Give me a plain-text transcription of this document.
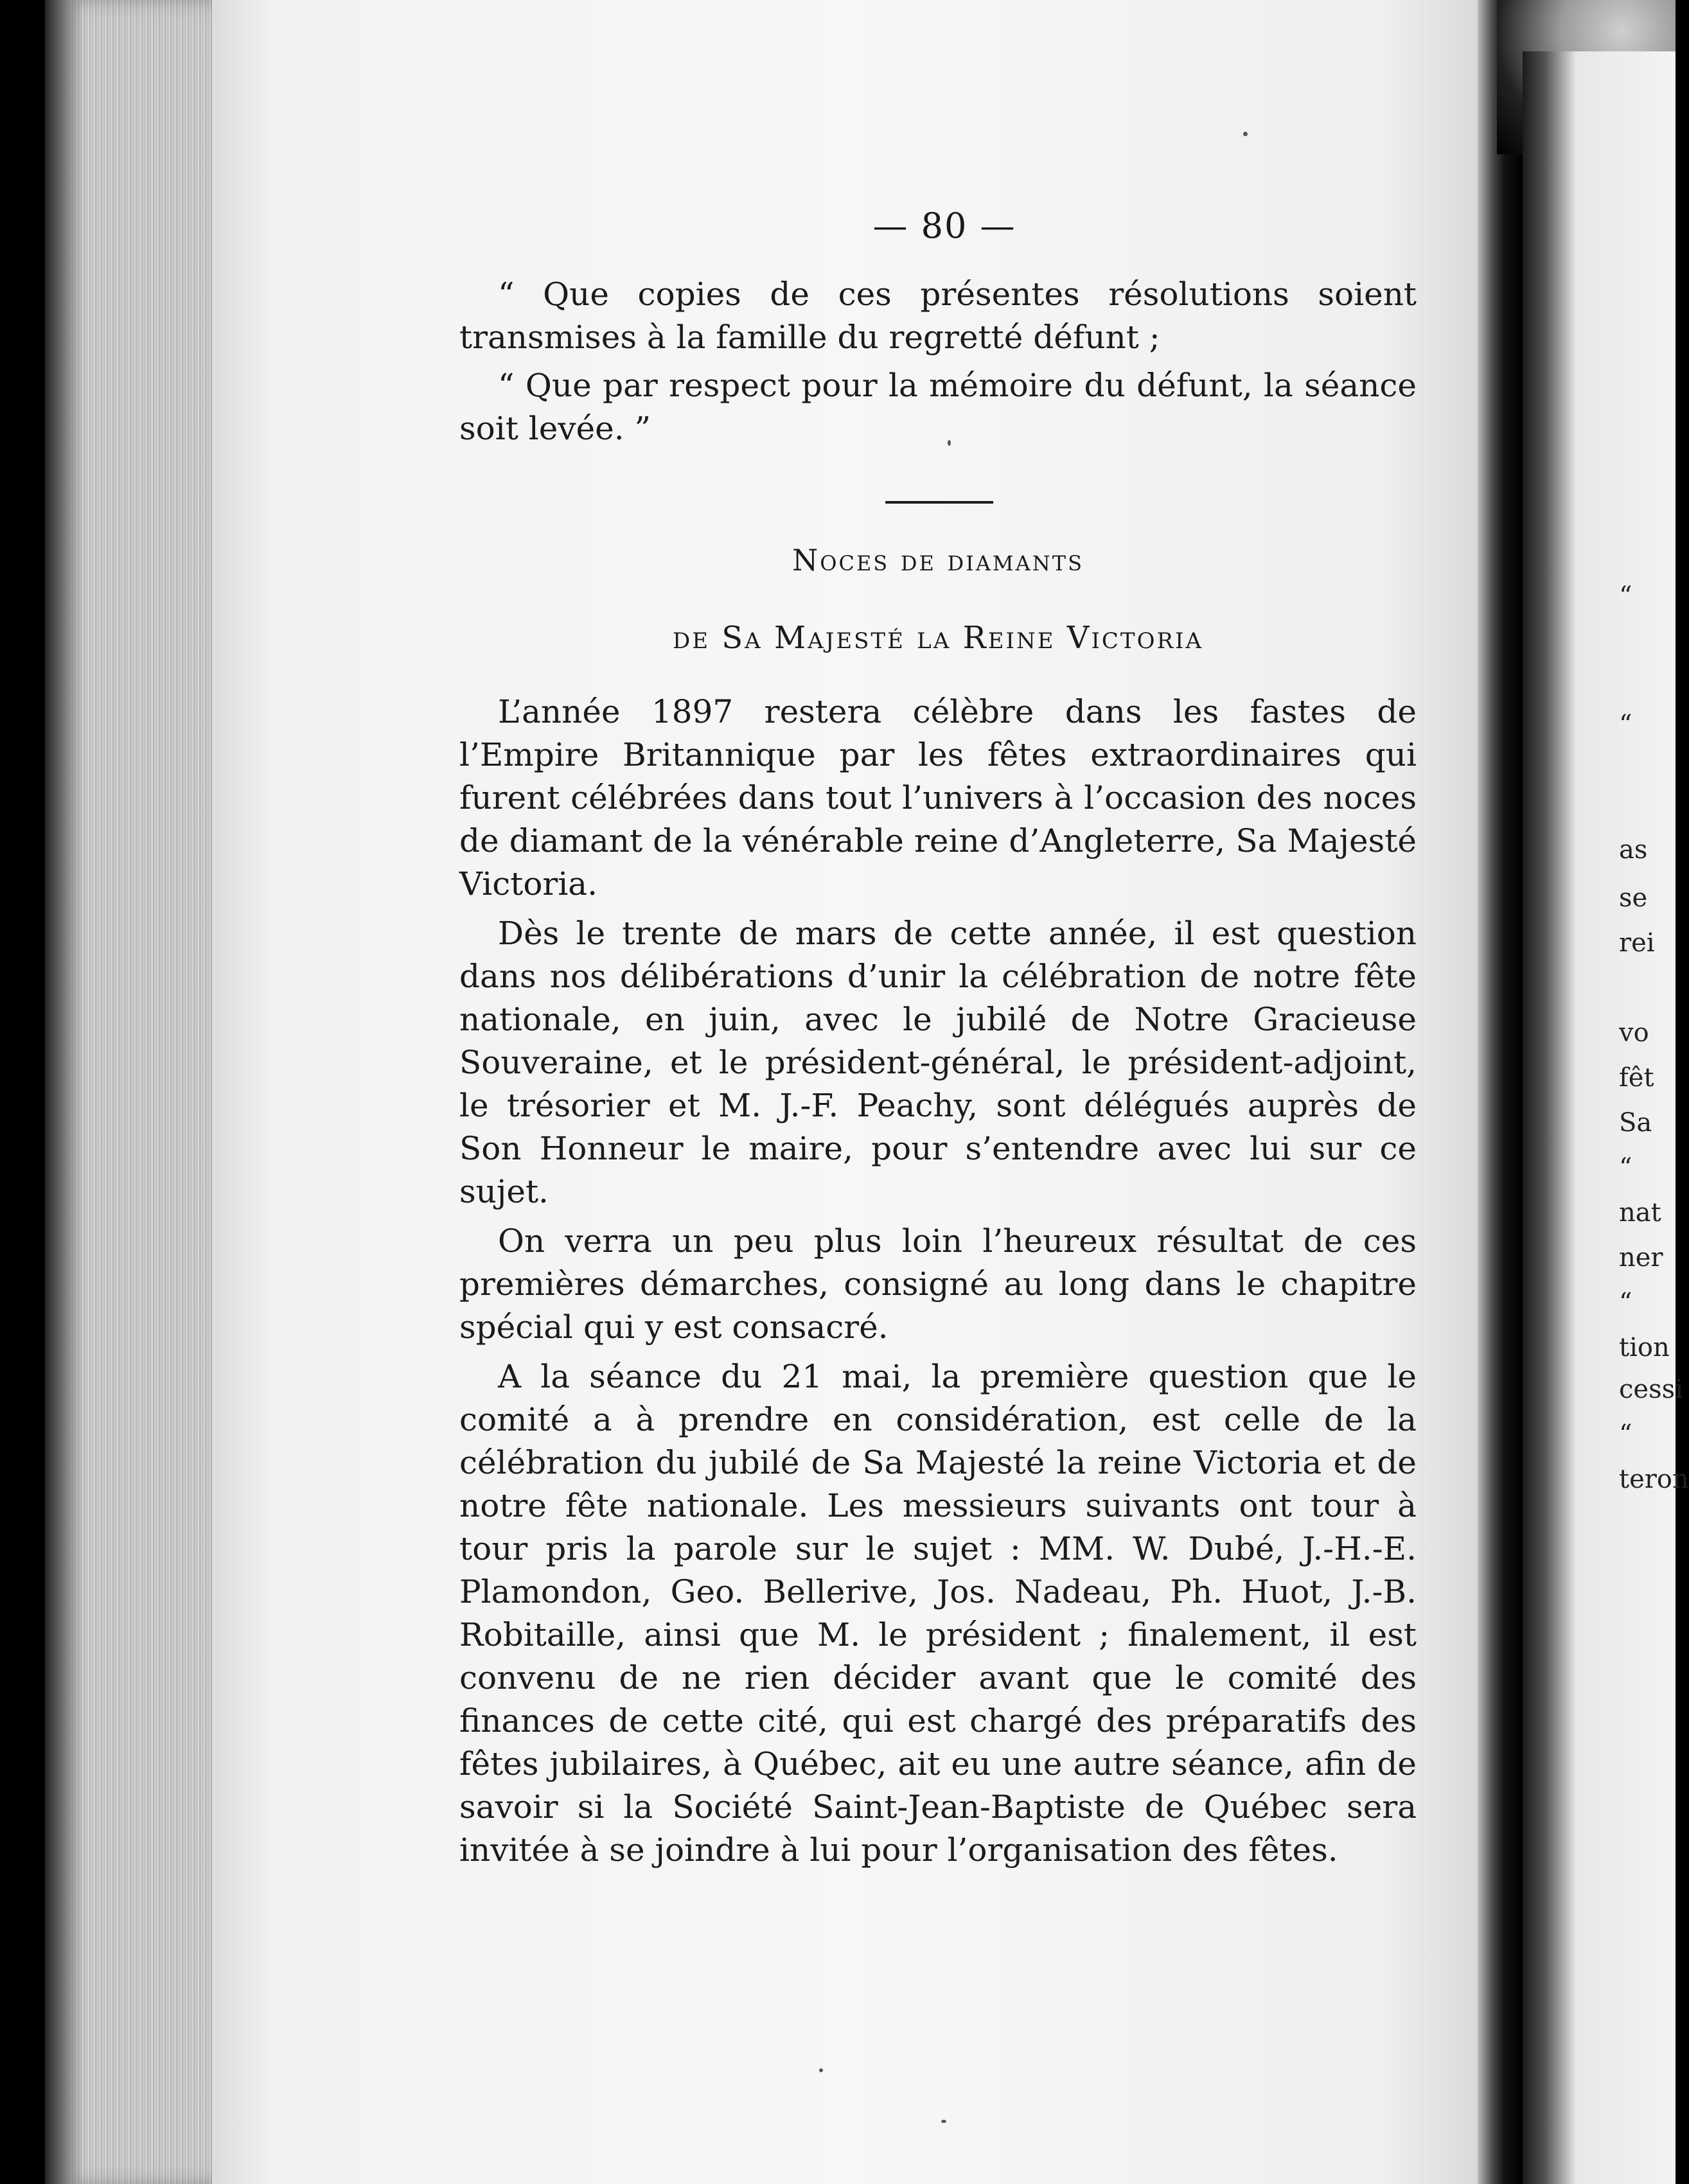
“
“
as
se
rei
vo
fêt
Sa
“
nat
ner
“
tion
cessi
“
teron
— 80 —

“ Que copies de ces présentes résolutions soient transmises à la famille du regretté défunt ;

“ Que par respect pour la mémoire du défunt, la séance soit levée. ”

Noces de diamants
de Sa Majesté la Reine Victoria

L’année 1897 restera célèbre dans les fastes de l’Empire Britannique par les fêtes extraordinaires qui furent célébrées dans tout l’univers à l’occasion des noces de diamant de la vénérable reine d’Angleterre, Sa Majesté Victoria.

Dès le trente de mars de cette année, il est question dans nos délibérations d’unir la célébration de notre fête nationale, en juin, avec le jubilé de Notre Gracieuse Souveraine, et le président-général, le président-adjoint, le trésorier et M. J.-F. Peachy, sont délégués auprès de Son Honneur le maire, pour s’entendre avec lui sur ce sujet.

On verra un peu plus loin l’heureux résultat de ces premières démarches, consigné au long dans le chapitre spécial qui y est consacré.

A la séance du 21 mai, la première question que le comité a à prendre en considération, est celle de la célébration du jubilé de Sa Majesté la reine Victoria et de notre fête nationale. Les messieurs suivants ont tour à tour pris la parole sur le sujet : MM. W. Dubé, J.-H.-E. Plamondon, Geo. Bellerive, Jos. Nadeau, Ph. Huot, J.-B. Robitaille, ainsi que M. le président ; finalement, il est convenu de ne rien décider avant que le comité des finances de cette cité, qui est chargé des préparatifs des fêtes jubilaires, à Québec, ait eu une autre séance, afin de savoir si la Société Saint-Jean-Baptiste de Québec sera invitée à se joindre à lui pour l’organisation des fêtes.
